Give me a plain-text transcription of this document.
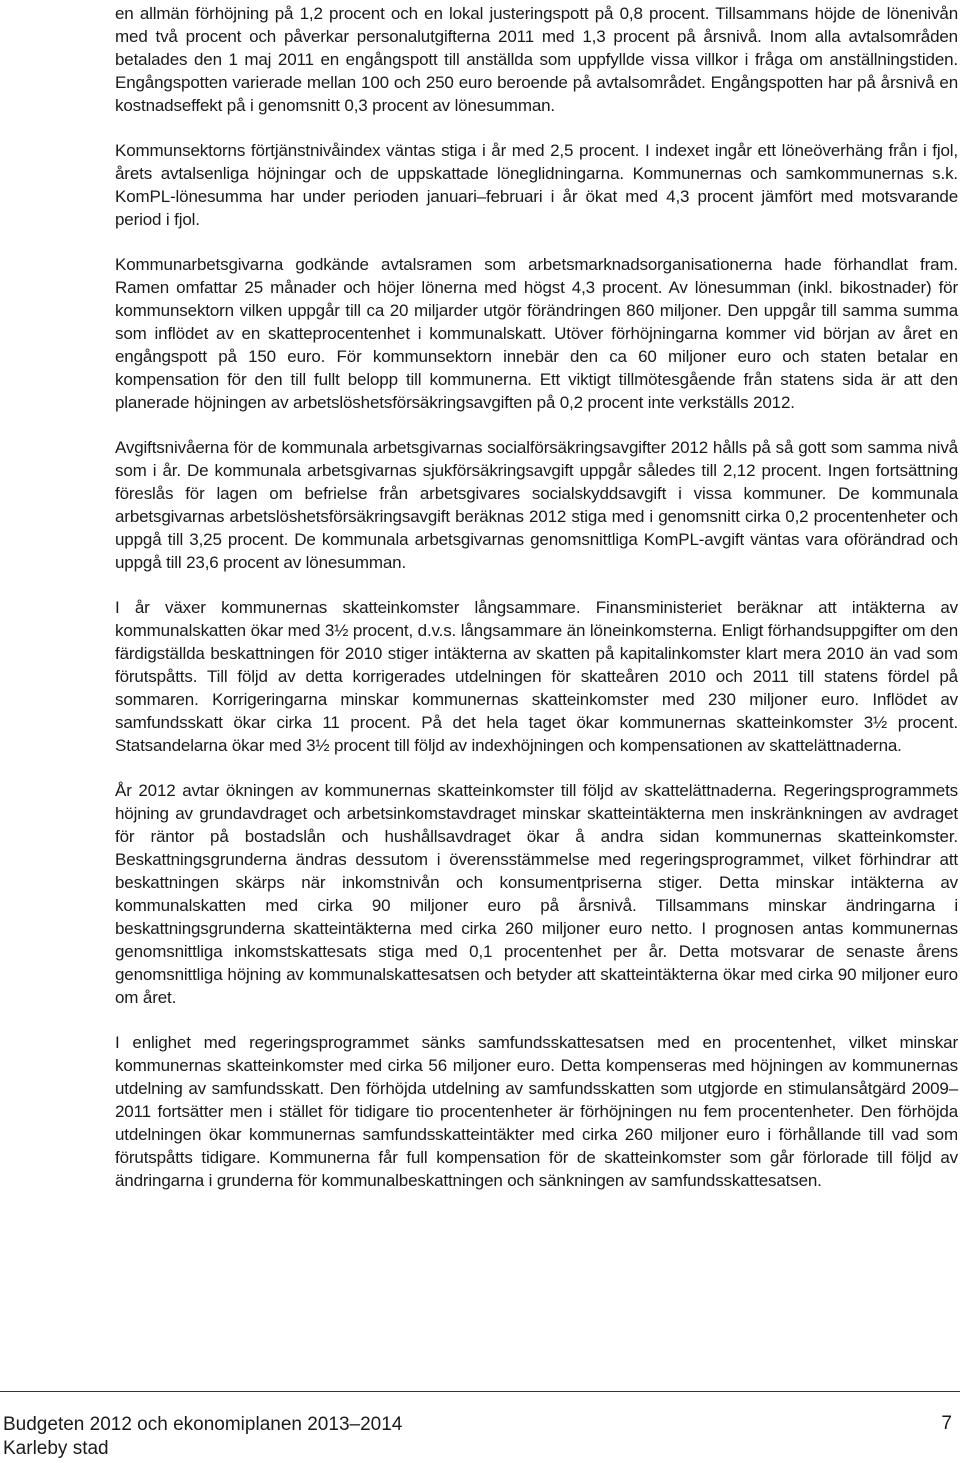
en allmän förhöjning på 1,2 procent och en lokal justeringspott på 0,8 procent. Tillsammans höjde de lönenivån med två procent och påverkar personalutgifterna 2011 med 1,3 procent på årsnivå. Inom alla avtalsområden betalades den 1 maj 2011 en engångspott till anställda som uppfyllde vissa villkor i fråga om anställningstiden. Engångspotten varierade mellan 100 och 250 euro beroende på avtalsområdet. Engångspotten har på årsnivå en kostnadseffekt på i genomsnitt 0,3 procent av lönesumman.

Kommunsektorns förtjänstnivåindex väntas stiga i år med 2,5 procent. I indexet ingår ett löneöverhäng från i fjol, årets avtalsenliga höjningar och de uppskattade löneglidningarna. Kommunernas och samkommunernas s.k. KomPL-lönesumma har under perioden januari–februari i år ökat med 4,3 procent jämfört med motsvarande period i fjol.

Kommunarbetsgivarna godkände avtalsramen som arbetsmarknadsorganisationerna hade förhandlat fram. Ramen omfattar 25 månader och höjer lönerna med högst 4,3 procent. Av lönesumman (inkl. bikostnader) för kommunsektorn vilken uppgår till ca 20 miljarder utgör förändringen 860 miljoner. Den uppgår till samma summa som inflödet av en skatteprocentenhet i kommunalskatt. Utöver förhöjningarna kommer vid början av året en engångspott på 150 euro. För kommunsektorn innebär den ca 60 miljoner euro och staten betalar en kompensation för den till fullt belopp till kommunerna. Ett viktigt tillmötesgående från statens sida är att den planerade höjningen av arbetslöshetsförsäkringsavgiften på 0,2 procent inte verkställs 2012.

Avgiftsnivåerna för de kommunala arbetsgivarnas socialförsäkringsavgifter 2012 hålls på så gott som samma nivå som i år. De kommunala arbetsgivarnas sjukförsäkringsavgift uppgår således till 2,12 procent. Ingen fortsättning föreslås för lagen om befrielse från arbetsgivares socialskyddsavgift i vissa kommuner. De kommunala arbetsgivarnas arbetslöshetsförsäkringsavgift beräknas 2012 stiga med i genomsnitt cirka 0,2 procentenheter och uppgå till 3,25 procent. De kommunala arbetsgivarnas genomsnittliga KomPL-avgift väntas vara oförändrad och uppgå till 23,6 procent av lönesumman.

I år växer kommunernas skatteinkomster långsammare. Finansministeriet beräknar att intäkterna av kommunalskatten ökar med 3½ procent, d.v.s. långsammare än löneinkomsterna. Enligt förhandsuppgifter om den färdigställda beskattningen för 2010 stiger intäkterna av skatten på kapitalinkomster klart mera 2010 än vad som förutspåtts. Till följd av detta korrigerades utdelningen för skatteåren 2010 och 2011 till statens fördel på sommaren. Korrigeringarna minskar kommunernas skatteinkomster med 230 miljoner euro. Inflödet av samfundsskatt ökar cirka 11 procent. På det hela taget ökar kommunernas skatteinkomster 3½ procent. Statsandelarna ökar med 3½ procent till följd av indexhöjningen och kompensationen av skattelättnaderna.

År 2012 avtar ökningen av kommunernas skatteinkomster till följd av skattelättnaderna. Regeringsprogrammets höjning av grundavdraget och arbetsinkomstavdraget minskar skatteintäkterna men inskränkningen av avdraget för räntor på bostadslån och hushållsavdraget ökar å andra sidan kommunernas skatteinkomster. Beskattningsgrunderna ändras dessutom i överensstämmelse med regeringsprogrammet, vilket förhindrar att beskattningen skärps när inkomstnivån och konsumentpriserna stiger. Detta minskar intäkterna av kommunalskatten med cirka 90 miljoner euro på årsnivå. Tillsammans minskar ändringarna i beskattningsgrunderna skatteintäkterna med cirka 260 miljoner euro netto. I prognosen antas kommunernas genomsnittliga inkomstskattesats stiga med 0,1 procentenhet per år. Detta motsvarar de senaste årens genomsnittliga höjning av kommunalskattesatsen och betyder att skatteintäkterna ökar med cirka 90 miljoner euro om året.

I enlighet med regeringsprogrammet sänks samfundsskattesatsen med en procentenhet, vilket minskar kommunernas skatteinkomster med cirka 56 miljoner euro. Detta kompenseras med höjningen av kommunernas utdelning av samfundsskatt. Den förhöjda utdelning av samfundsskatten som utgjorde en stimulansåtgärd 2009–2011 fortsätter men i stället för tidigare tio procentenheter är förhöjningen nu fem procentenheter. Den förhöjda utdelningen ökar kommunernas samfundsskatteintäkter med cirka 260 miljoner euro i förhållande till vad som förutspåtts tidigare. Kommunerna får full kompensation för de skatteinkomster som går förlorade till följd av ändringarna i grunderna för kommunalbeskattningen och sänkningen av samfundsskattesatsen.

Budgeten 2012 och ekonomiplanen 2013–2014
Karleby stad
7
